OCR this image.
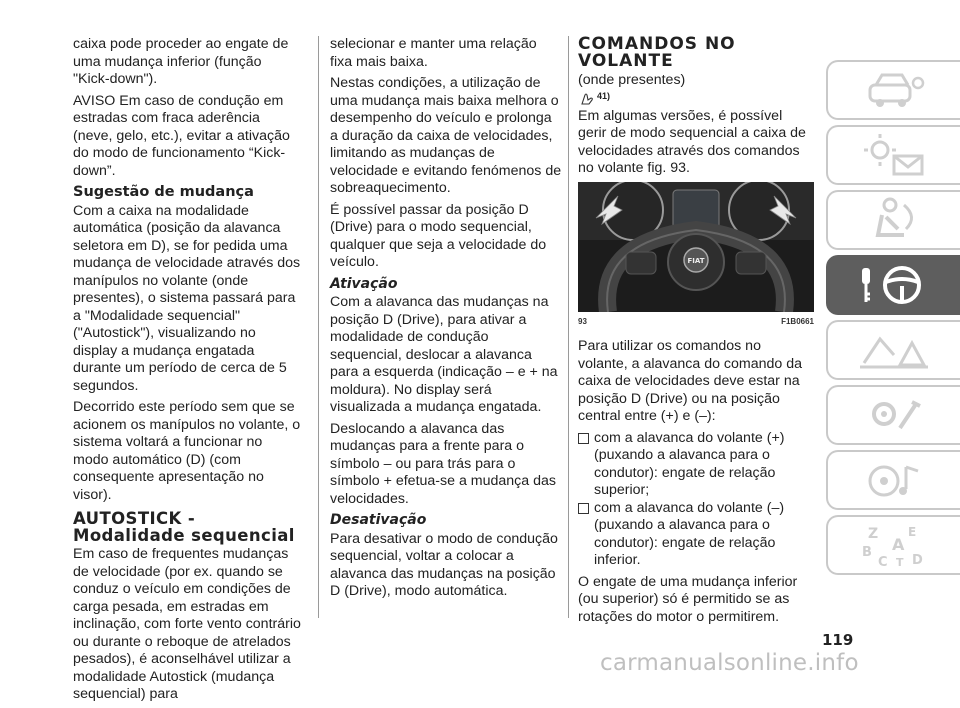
caixa pode proceder ao engate de uma mudança inferior (função "Kick-down").

AVISO Em caso de condução em estradas com fraca aderência (neve, gelo, etc.), evitar a ativação do modo de funcionamento “Kick-down”.

Sugestão de mudança

Com a caixa na modalidade automática (posição da alavanca seletora em D), se for pedida uma mudança de velocidade através dos manípulos no volante (onde presentes), o sistema passará para a "Modalidade sequencial" ("Autostick"), visualizando no display a mudança engatada durante um período de cerca de 5 segundos.

Decorrido este período sem que se acionem os manípulos no volante, o sistema voltará a funcionar no modo automático (D) (com consequente apresentação no visor).

AUTOSTICK -
Modalidade sequencial

Em caso de frequentes mudanças de velocidade (por ex. quando se conduz o veículo em condições de carga pesada, em estradas em inclinação, com forte vento contrário ou durante o reboque de atrelados pesados), é aconselhável utilizar a modalidade Autostick (mudança sequencial) para

selecionar e manter uma relação fixa mais baixa.

Nestas condições, a utilização de uma mudança mais baixa melhora o desempenho do veículo e prolonga a duração da caixa de velocidades, limitando as mudanças de velocidade e evitando fenómenos de sobreaquecimento.

É possível passar da posição D (Drive) para o modo sequencial, qualquer que seja a velocidade do veículo.

Ativação

Com a alavanca das mudanças na posição D (Drive), para ativar a modalidade de condução sequencial, deslocar a alavanca para a esquerda (indicação – e + na moldura). No display será visualizada a mudança engatada.

Deslocando a alavanca das mudanças para a frente para o símbolo – ou para trás para o símbolo + efetua-se a mudança das velocidades.

Desativação

Para desativar o modo de condução sequencial, voltar a colocar a alavanca das mudanças na posição D (Drive), modo automática.

COMANDOS NO
VOLANTE

(onde presentes)

41)

Em algumas versões, é possível gerir de modo sequencial a caixa de velocidades através dos comandos no volante fig. 93.

FIAT
93	F1B0661

Para utilizar os comandos no volante, a alavanca do comando da caixa de velocidades deve estar na posição D (Drive) ou na posição central entre (+) e (–):

com a alavanca do volante (+) (puxando a alavanca para o condutor): engate de relação superior;
com a alavanca do volante (–) (puxando a alavanca para o condutor): engate de relação inferior.

O engate de uma mudança inferior (ou superior) só é permitido se as rotações do motor o permitirem.

Z E
A
B
C D
T
119
carmanualsonline.info
